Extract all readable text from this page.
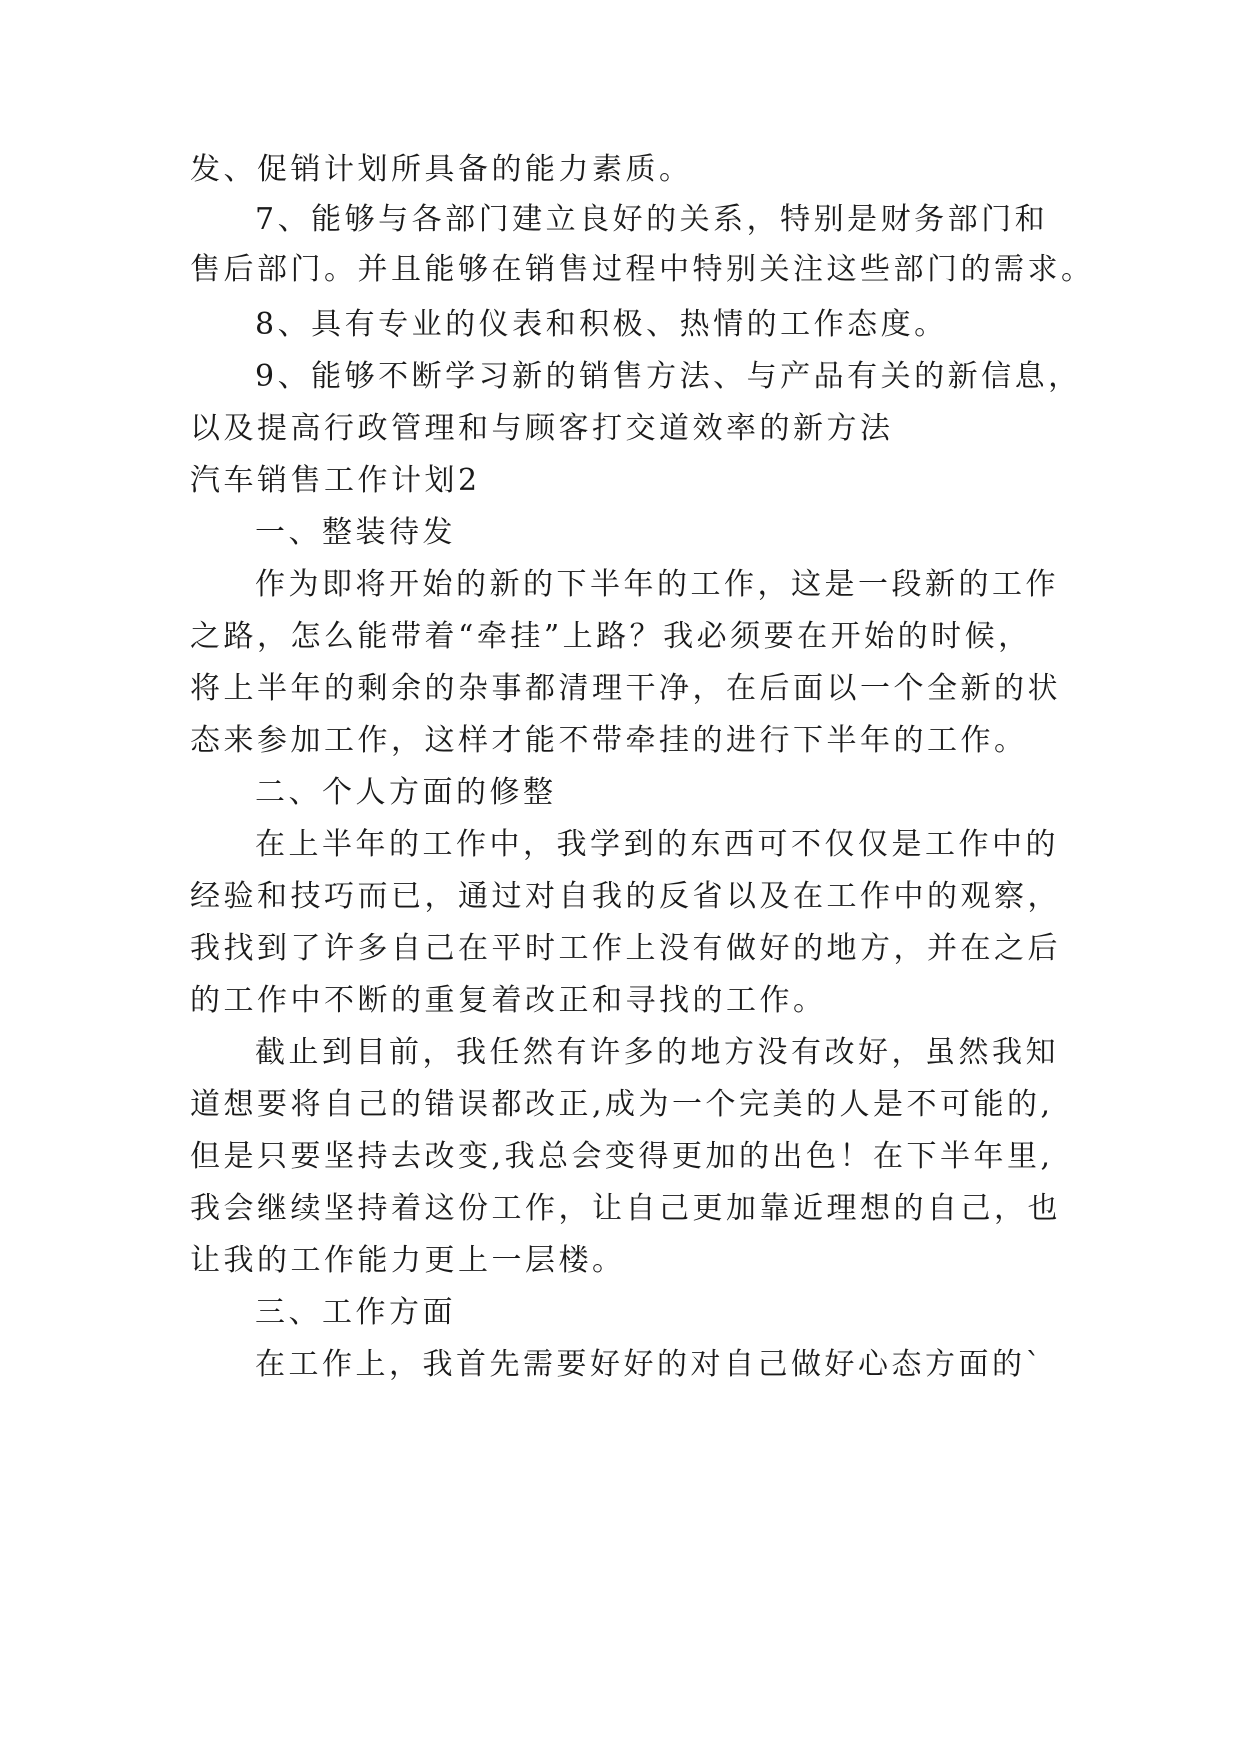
发、促销计划所具备的能力素质。
7、能够与各部门建立良好的关系，特别是财务部门和
售后部门。并且能够在销售过程中特别关注这些部门的需求。
8、具有专业的仪表和积极、热情的工作态度。
9、能够不断学习新的销售方法、与产品有关的新信息，
以及提高行政管理和与顾客打交道效率的新方法
汽车销售工作计划2
一、整装待发
作为即将开始的新的下半年的工作，这是一段新的工作
之路，怎么能带着“牵挂”上路？我必须要在开始的时候，
将上半年的剩余的杂事都清理干净，在后面以一个全新的状
态来参加工作，这样才能不带牵挂的进行下半年的工作。
二、个人方面的修整
在上半年的工作中，我学到的东西可不仅仅是工作中的
经验和技巧而已，通过对自我的反省以及在工作中的观察，
我找到了许多自己在平时工作上没有做好的地方，并在之后
的工作中不断的重复着改正和寻找的工作。
截止到目前，我任然有许多的地方没有改好，虽然我知
道想要将自己的错误都改正,成为一个完美的人是不可能的,
但是只要坚持去改变,我总会变得更加的出色！在下半年里,
我会继续坚持着这份工作，让自己更加靠近理想的自己，也
让我的工作能力更上一层楼。
三、工作方面
在工作上，我首先需要好好的对自己做好心态方面的`
